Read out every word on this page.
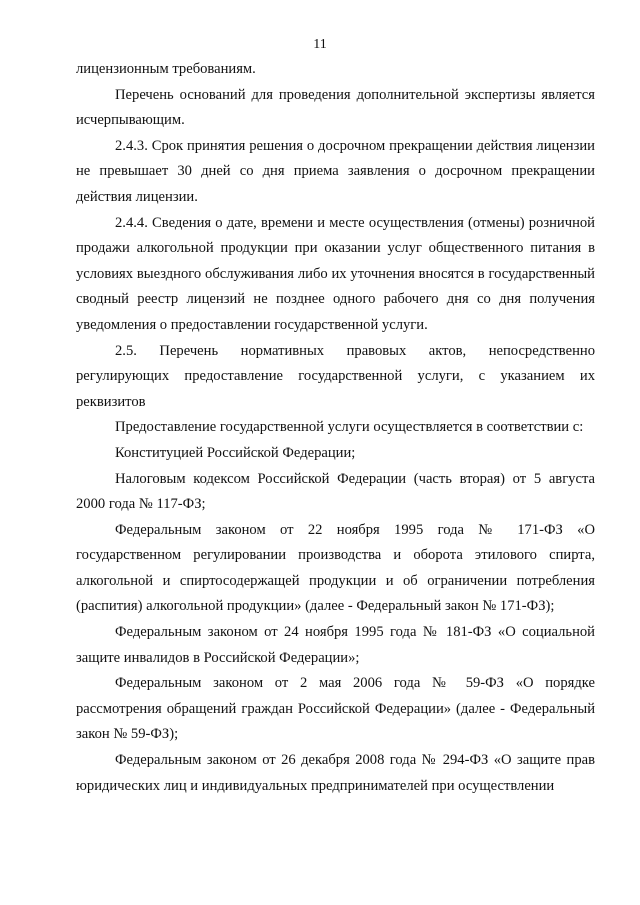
11

лицензионным требованиям.

Перечень оснований для проведения дополнительной экспертизы является исчерпывающим.

2.4.3. Срок принятия решения о досрочном прекращении действия лицензии не превышает 30 дней со дня приема заявления о досрочном прекращении действия лицензии.

2.4.4. Сведения о дате, времени и месте осуществления (отмены) розничной продажи алкогольной продукции при оказании услуг общественного питания в условиях выездного обслуживания либо их уточнения вносятся в государственный сводный реестр лицензий не позднее одного рабочего дня со дня получения уведомления о предоставлении государственной услуги.

2.5. Перечень нормативных правовых актов, непосредственно регулирующих предоставление государственной услуги, с указанием их реквизитов

Предоставление государственной услуги осуществляется в соответствии с:

Конституцией Российской Федерации;

Налоговым кодексом Российской Федерации (часть вторая) от 5 августа 2000 года № 117-ФЗ;

Федеральным законом от 22 ноября 1995 года № 171-ФЗ «О государственном регулировании производства и оборота этилового спирта, алкогольной и спиртосодержащей продукции и об ограничении потребления (распития) алкогольной продукции» (далее - Федеральный закон № 171-ФЗ);

Федеральным законом от 24 ноября 1995 года № 181-ФЗ «О социальной защите инвалидов в Российской Федерации»;

Федеральным законом от 2 мая 2006 года № 59-ФЗ «О порядке рассмотрения обращений граждан Российской Федерации» (далее - Федеральный закон № 59-ФЗ);

Федеральным законом от 26 декабря 2008 года № 294-ФЗ «О защите прав юридических лиц и индивидуальных предпринимателей при осуществлении
